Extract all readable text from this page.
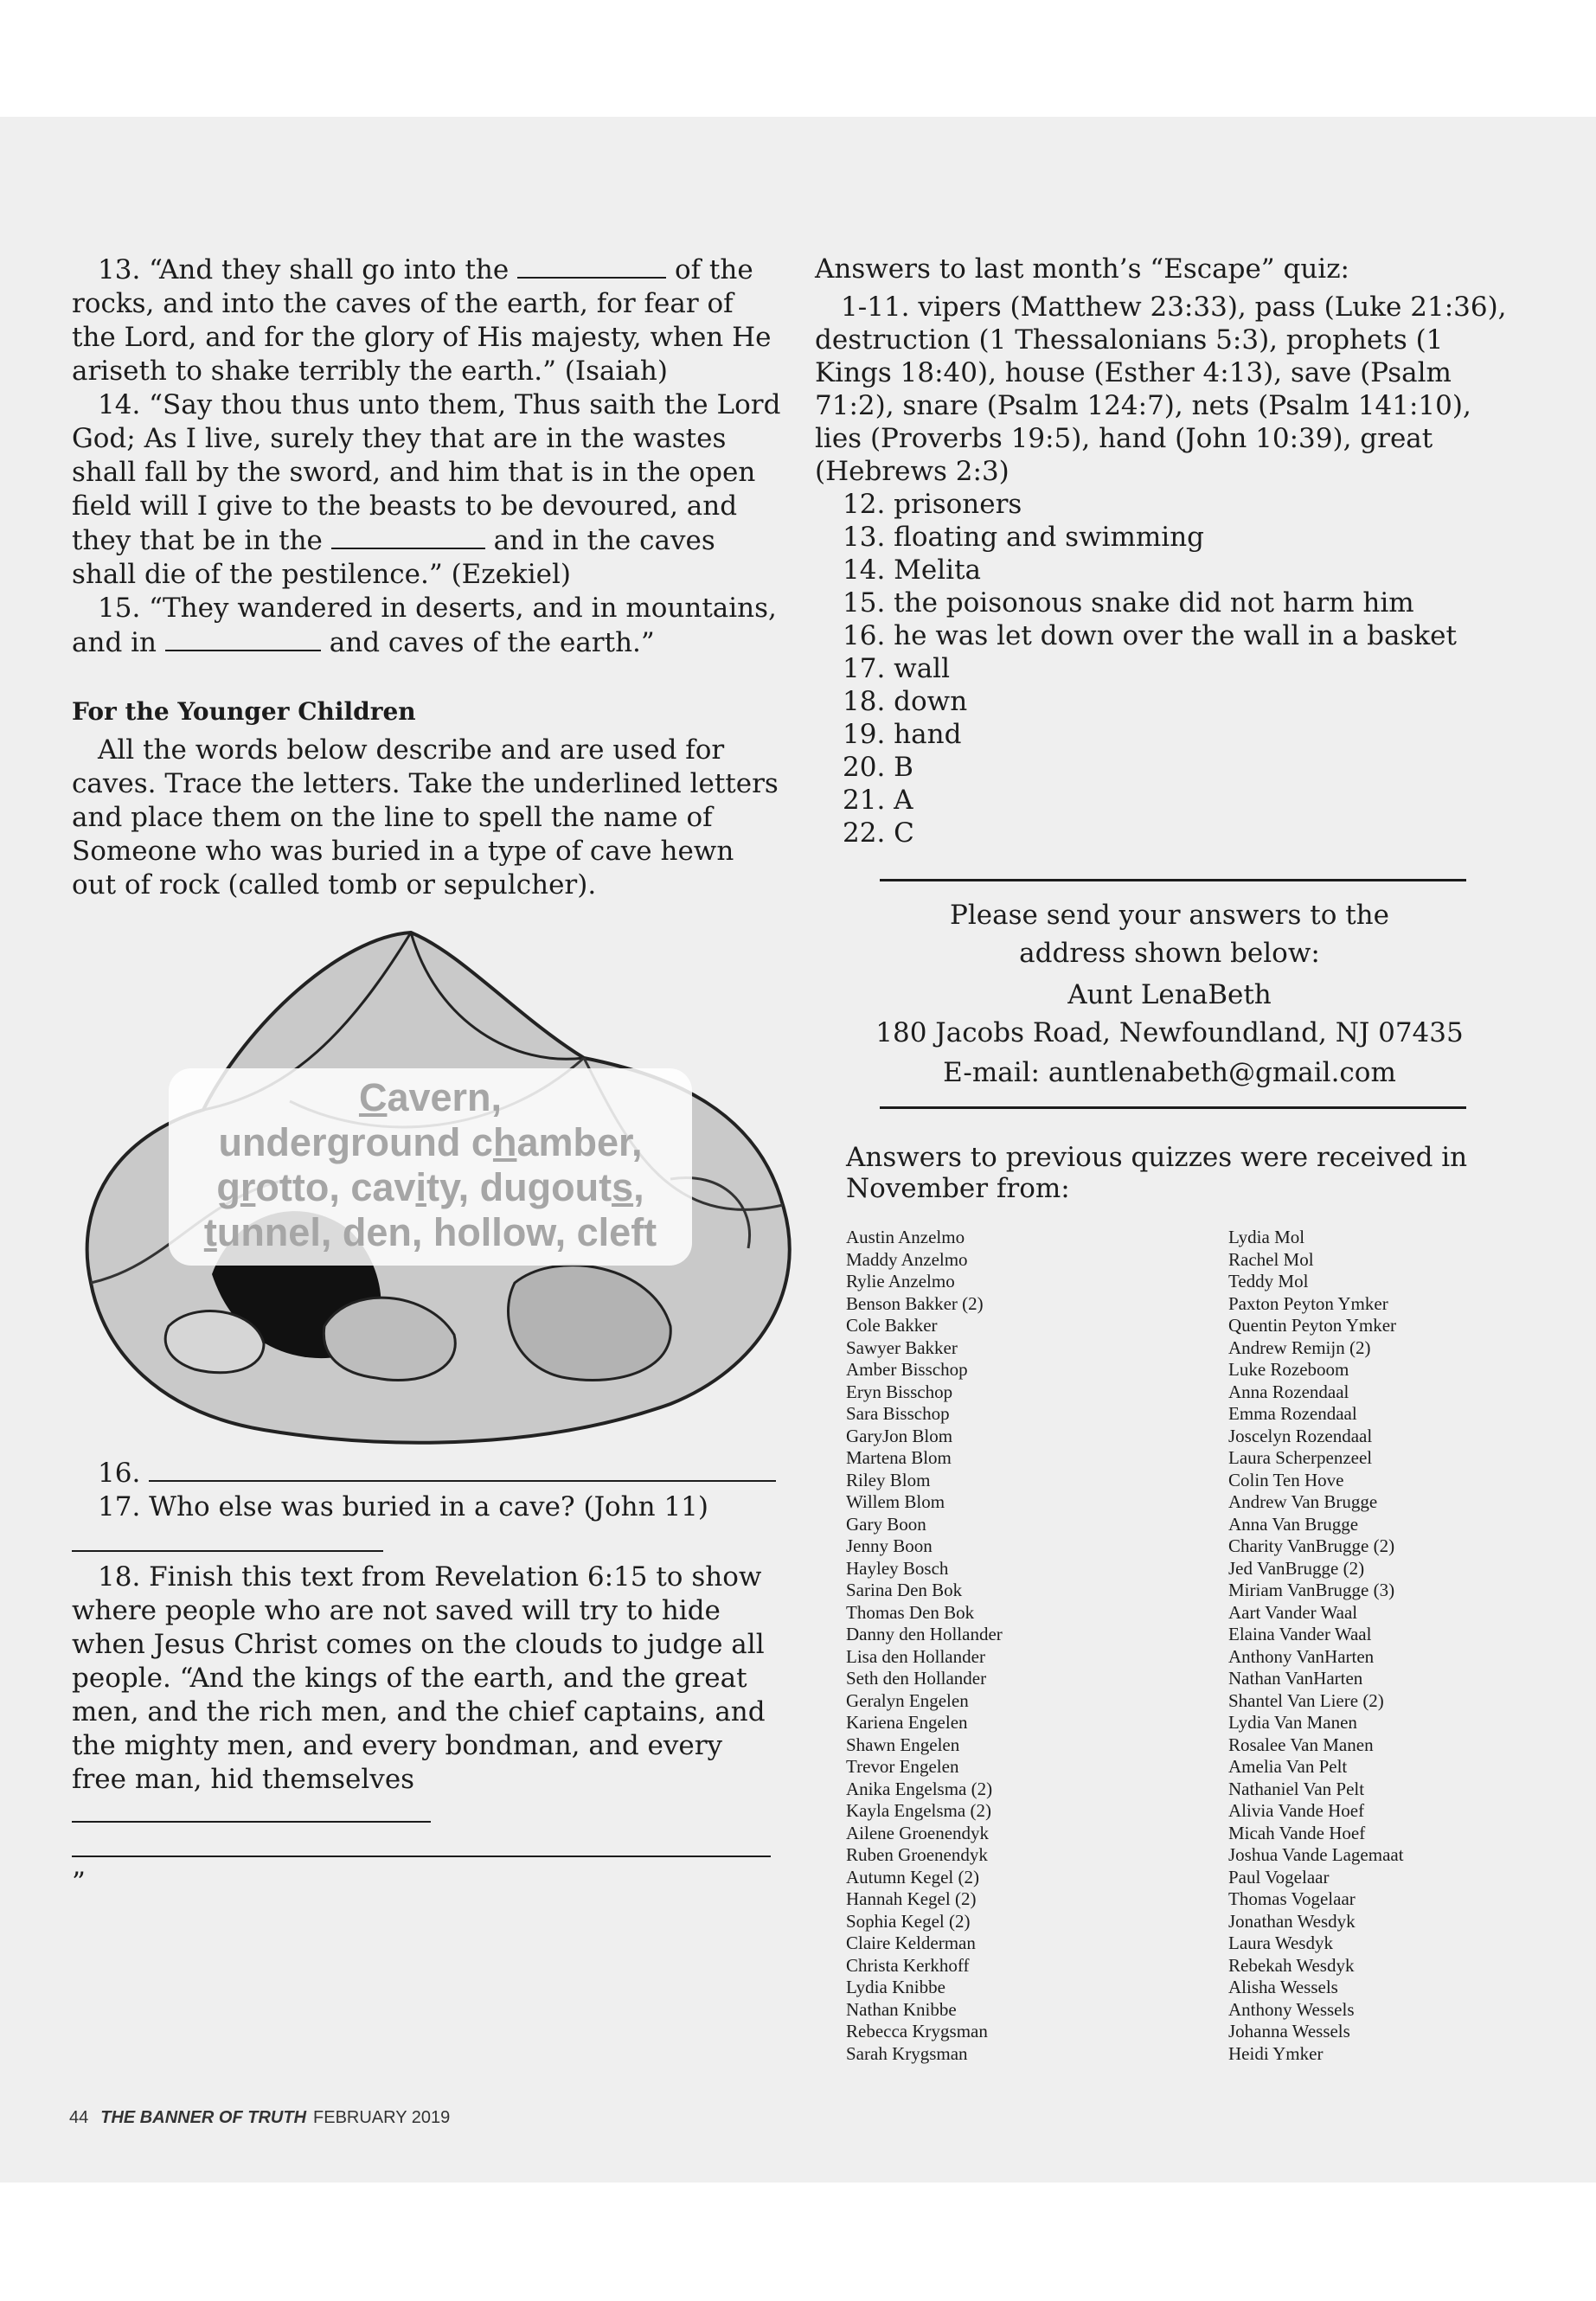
13. “And they shall go into the	of the rocks, and into the caves of the earth, for fear of the Lord, and for the glory of His majesty, when He ariseth to shake terribly the earth.” (Isaiah)

14. “Say thou thus unto them, Thus saith the Lord God; As I live, surely they that are in the wastes shall fall by the sword, and him that is in the open field will I give to the beasts to be devoured, and they that be in the	and in the caves shall die of the pestilence.” (Ezekiel)

15. “They wandered in deserts, and in mountains, and in	and caves of the earth.”

For the Younger Children

All the words below describe and are used for caves. Trace the letters. Take the underlined letters and place them on the line to spell the name of Someone who was buried in a type of cave hewn out of rock (called tomb or sepulcher).

Cavern,
underground chamber,
grotto, cavity, dugouts,
tunnel, den, hollow, cleft

16.

17. Who else was buried in a cave? (John 11)

18. Finish this text from Revelation 6:15 to show where people who are not saved will try to hide when Jesus Christ comes on the clouds to judge all people. “And the kings of the earth, and the great men, and the rich men, and the chief captains, and the mighty men, and every bondman, and every free man, hid themselves

”

Answers to last month’s “Escape” quiz:

1-11. vipers (Matthew 23:33), pass (Luke 21:36), destruction (1 Thessalonians 5:3), prophets (1 Kings 18:40), house (Esther 4:13), save (Psalm 71:2), snare (Psalm 124:7), nets (Psalm 141:10), lies (Proverbs 19:5), hand (John 10:39), great (Hebrews 2:3)

12. prisoners
13. floating and swimming
14. Melita
15. the poisonous snake did not harm him
16. he was let down over the wall in a basket
17. wall
18. down
19. hand
20. B
21. A
22. C

Please send your answers to the

address shown below:

Aunt LenaBeth

180 Jacobs Road, Newfoundland, NJ 07435

E-mail: auntlenabeth@gmail.com

Answers to previous quizzes were received in November from:

Austin Anzelmo
Maddy Anzelmo
Rylie Anzelmo
Benson Bakker (2)
Cole Bakker
Sawyer Bakker
Amber Bisschop
Eryn Bisschop
Sara Bisschop
GaryJon Blom
Martena Blom
Riley Blom
Willem Blom
Gary Boon
Jenny Boon
Hayley Bosch
Sarina Den Bok
Thomas Den Bok
Danny den Hollander
Lisa den Hollander
Seth den Hollander
Geralyn Engelen
Kariena Engelen
Shawn Engelen
Trevor Engelen
Anika Engelsma (2)
Kayla Engelsma (2)
Ailene Groenendyk
Ruben Groenendyk
Autumn Kegel (2)
Hannah Kegel (2)
Sophia Kegel (2)
Claire Kelderman
Christa Kerkhoff
Lydia Knibbe
Nathan Knibbe
Rebecca Krygsman
Sarah Krygsman
Lydia Mol
Rachel Mol
Teddy Mol
Paxton Peyton Ymker
Quentin Peyton Ymker
Andrew Remijn (2)
Luke Rozeboom
Anna Rozendaal
Emma Rozendaal
Joscelyn Rozendaal
Laura Scherpenzeel
Colin Ten Hove
Andrew Van Brugge
Anna Van Brugge
Charity VanBrugge (2)
Jed VanBrugge (2)
Miriam VanBrugge (3)
Aart Vander Waal
Elaina Vander Waal
Anthony VanHarten
Nathan VanHarten
Shantel Van Liere (2)
Lydia Van Manen
Rosalee Van Manen
Amelia Van Pelt
Nathaniel Van Pelt
Alivia Vande Hoef
Micah Vande Hoef
Joshua Vande Lagemaat
Paul Vogelaar
Thomas Vogelaar
Jonathan Wesdyk
Laura Wesdyk
Rebekah Wesdyk
Alisha Wessels
Anthony Wessels
Johanna Wessels
Heidi Ymker
44 THE BANNER OF TRUTH FEBRUARY 2019
